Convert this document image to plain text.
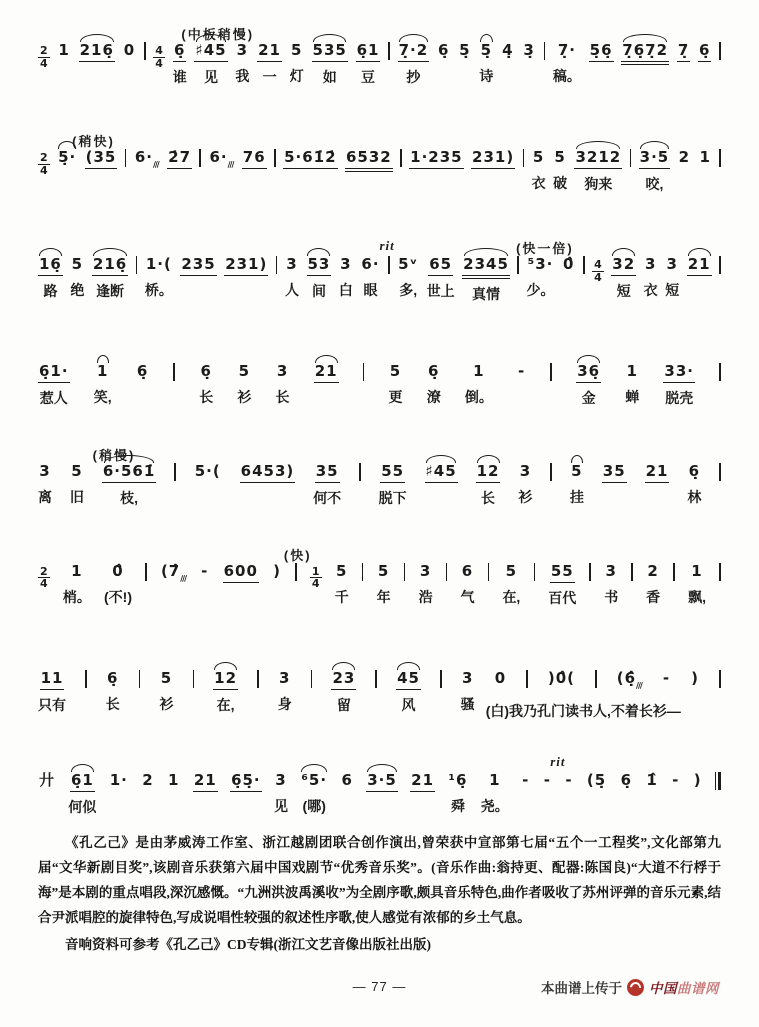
(中板稍慢)
$\frac{2}{4} 1$ 216̣ $0 \frac{4}{4}$ 6̣
谁
♯45
见
3
我
21
一
5
灯
535
如
6̣1
豆
7̣·2
抄
6̣ 5̣ 5̣
诗
4̣ 3̣	7̣·
稿。
5̣6̣ 7̣6̣7̣2 7̣ 6̣
(稍快)
$\frac{2}{4}$ 5̣· (35 $6\cdot_{∕∕∕}$ 2̇7 $6\cdot_{∕∕∕}$ 76 5·61̇2̇ 6532 1·235 231) 5
衣
5
破
3212
狗来
3·5
咬,
2 1
rit	(快一倍)
16̣
路
5
绝
216̣
逢断
1·(
桥。
235 231) 3
人
53
间
3
白
6·
眼
5ᵛ
多,
65
世上
2345
真情
⁵3·
少。
0̂ $\frac{4}{4} 32$
短
3
衣
3
短
21
6̣1·
惹人
1
笑,
6̣	6̣
长
5
衫
3
长
21	5
更
6̣
潦
1
倒。
-	36̣
金
1
蝉
33·
脱壳
(稍慢)
3
离
5
旧
6·561̇
枝,
5·( 6453) 35
何不
55
脱下
♯45 12
长
3
衫
5
挂
35 21 6̣
林
(快)
$\frac{2}{4}$	1
梢。
0̂
(不!)
($7̂_{∕∕∕} - 600$ )	$\frac{1}{4} 5$
千
5
年
3
浩
6
气
5
在,
55
百代
3
书
2
香
1
飘,
11
只有
6̣
长
5
衫
12
在,
3
身
23
留
45
风
3
骚
0
(白)我乃孔门读书人,不着长衫—
)0̂(	($6̣̂_{∕∕∕}$ - )
rit
廾 6̣1
何似
1· 2 1 21 6̣5̣· 3
见
⁶5·
(哪)
6 3·5 21 ¹6̣
舜
1
尧。
- - - (5̣ 6̣ 1̂ - )

《孔乙己》是由茅威涛工作室、浙江越剧团联合创作演出,曾荣获中宣部第七届“五个一工程奖”,文化部第九届“文华新剧目奖”,该剧音乐获第六届中国戏剧节“优秀音乐奖”。(音乐作曲:翁持更、配器:陈国良)“大道不行桴于海”是本剧的重点唱段,深沉感慨。“九洲洪波禹溪收”为全剧序歌,颇具音乐特色,曲作者吸收了苏州评弹的音乐元素,结合尹派唱腔的旋律特色,写成说唱性较强的叙述性序歌,使人感觉有浓郁的乡土气息。

音响资料可参考《孔乙己》CD专辑(浙江文艺音像出版社出版)

— 77 —	本曲谱上传于 中国曲谱网
